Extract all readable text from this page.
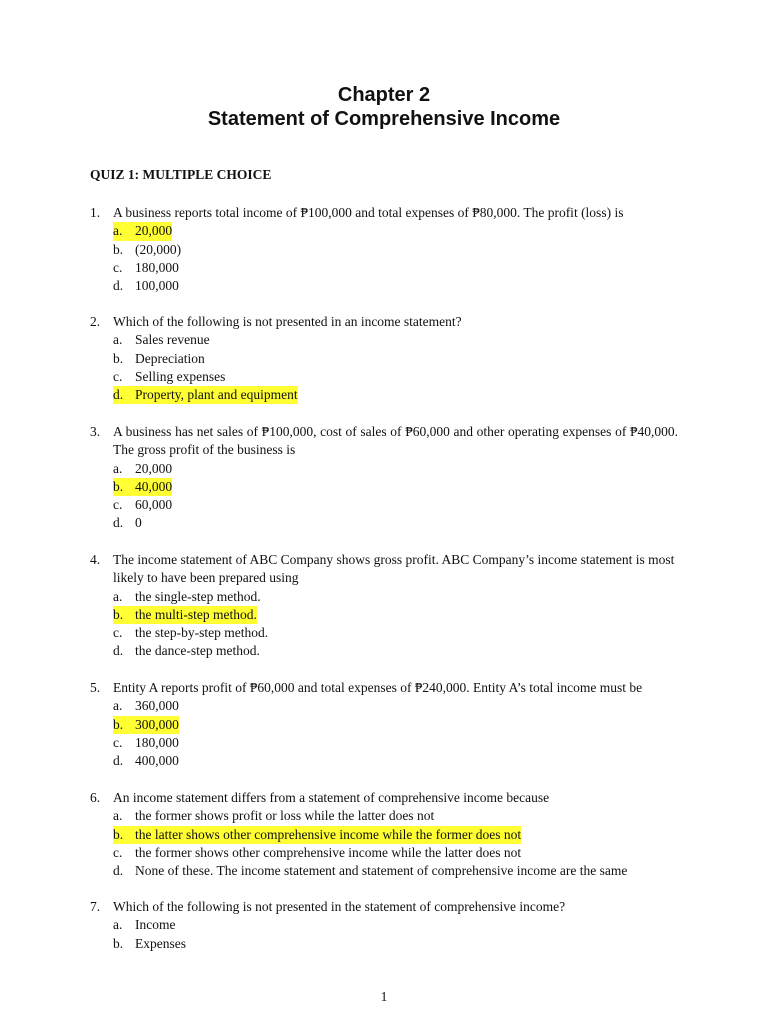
Chapter 2
Statement of Comprehensive Income
QUIZ 1: MULTIPLE CHOICE
1. A business reports total income of ₱100,000 and total expenses of ₱80,000. The profit (loss) is
a. 20,000
b. (20,000)
c. 180,000
d. 100,000
2. Which of the following is not presented in an income statement?
a. Sales revenue
b. Depreciation
c. Selling expenses
d. Property, plant and equipment
3. A business has net sales of ₱100,000, cost of sales of ₱60,000 and other operating expenses of ₱40,000. The gross profit of the business is
a. 20,000
b. 40,000
c. 60,000
d. 0
4. The income statement of ABC Company shows gross profit. ABC Company’s income statement is most likely to have been prepared using
a. the single-step method.
b. the multi-step method.
c. the step-by-step method.
d. the dance-step method.
5. Entity A reports profit of ₱60,000 and total expenses of ₱240,000. Entity A’s total income must be
a. 360,000
b. 300,000
c. 180,000
d. 400,000
6. An income statement differs from a statement of comprehensive income because
a. the former shows profit or loss while the latter does not
b. the latter shows other comprehensive income while the former does not
c. the former shows other comprehensive income while the latter does not
d. None of these. The income statement and statement of comprehensive income are the same
7. Which of the following is not presented in the statement of comprehensive income?
a. Income
b. Expenses
1
